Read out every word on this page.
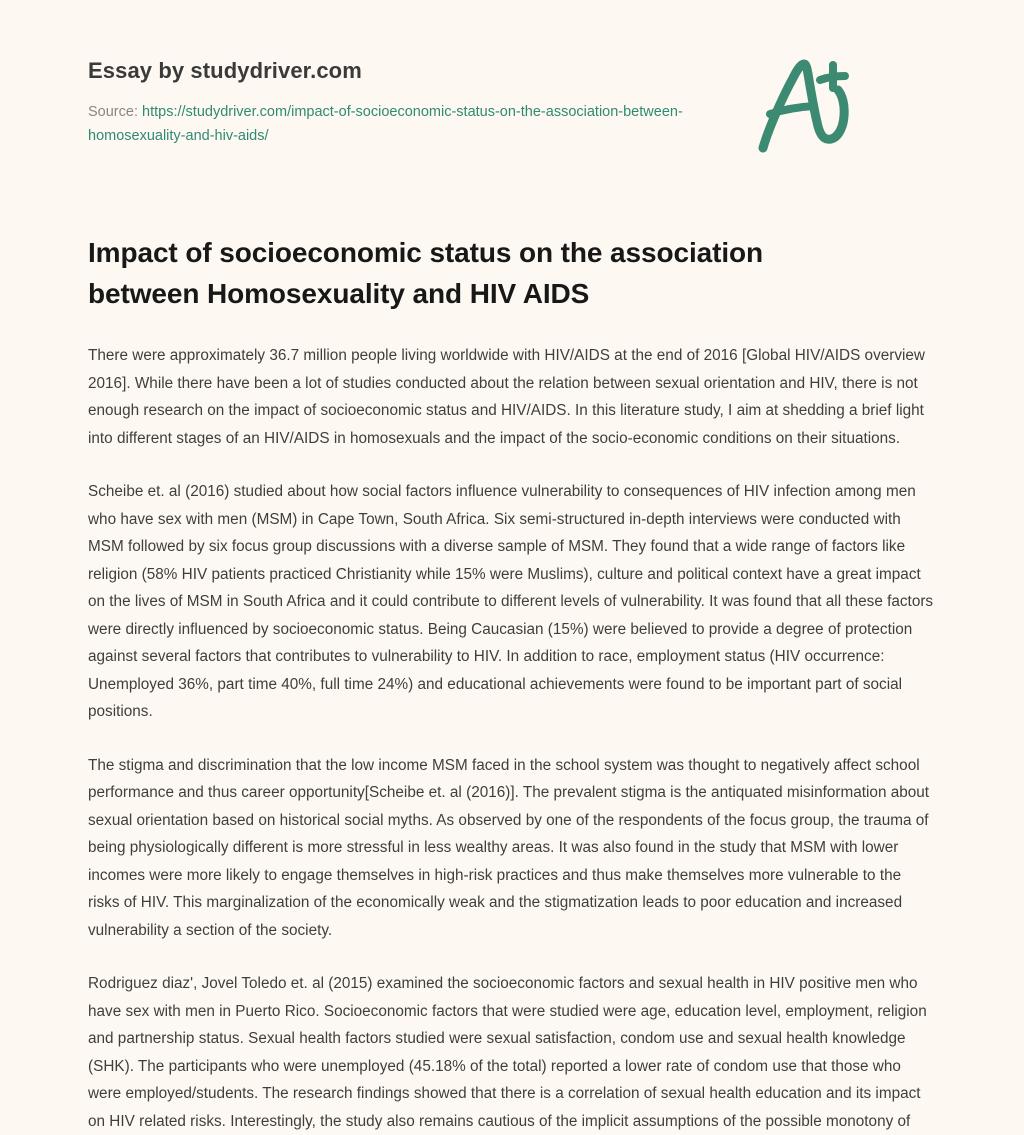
Essay by studydriver.com

Source: https://studydriver.com/impact-of-socioeconomic-status-on-the-association-between-homosexuality-and-hiv-aids/

Impact of socioeconomic status on the association between Homosexuality and HIV AIDS

There were approximately 36.7 million people living worldwide with HIV/AIDS at the end of 2016 [Global HIV/AIDS overview 2016]. While there have been a lot of studies conducted about the relation between sexual orientation and HIV, there is not enough research on the impact of socioeconomic status and HIV/AIDS. In this literature study, I aim at shedding a brief light into different stages of an HIV/AIDS in homosexuals and the impact of the socio-economic conditions on their situations.

Scheibe et. al (2016) studied about how social factors influence vulnerability to consequences of HIV infection among men who have sex with men (MSM) in Cape Town, South Africa. Six semi-structured in-depth interviews were conducted with MSM followed by six focus group discussions with a diverse sample of MSM. They found that a wide range of factors like religion (58% HIV patients practiced Christianity while 15% were Muslims), culture and political context have a great impact on the lives of MSM in South Africa and it could contribute to different levels of vulnerability. It was found that all these factors were directly influenced by socioeconomic status. Being Caucasian (15%) were believed to provide a degree of protection against several factors that contributes to vulnerability to HIV. In addition to race, employment status (HIV occurrence: Unemployed 36%, part time 40%, full time 24%) and educational achievements were found to be important part of social positions.

The stigma and discrimination that the low income MSM faced in the school system was thought to negatively affect school performance and thus career opportunity[Scheibe et. al (2016)]. The prevalent stigma is the antiquated misinformation about sexual orientation based on historical social myths. As observed by one of the respondents of the focus group, the trauma of being physiologically different is more stressful in less wealthy areas. It was also found in the study that MSM with lower incomes were more likely to engage themselves in high-risk practices and thus make themselves more vulnerable to the risks of HIV. This marginalization of the economically weak and the stigmatization leads to poor education and increased vulnerability a section of the society.

Rodriguez diaz', Jovel Toledo et. al (2015) examined the socioeconomic factors and sexual health in HIV positive men who have sex with men in Puerto Rico. Socioeconomic factors that were studied were age, education level, employment, religion and partnership status. Sexual health factors studied were sexual satisfaction, condom use and sexual health knowledge (SHK). The participants who were unemployed (45.18% of the total) reported a lower rate of condom use that those who were employed/students. The research findings showed that there is a correlation of sexual health education and its impact on HIV related risks. Interestingly, the study also remains cautious of the implicit assumptions of the possible monotony of
